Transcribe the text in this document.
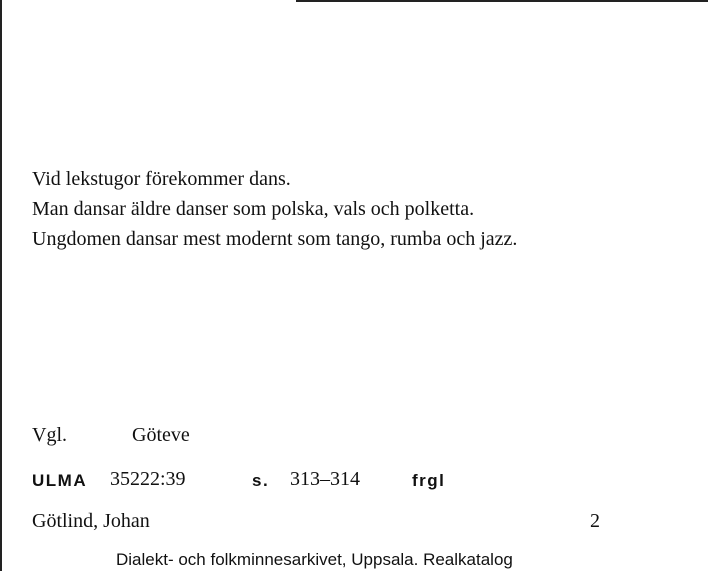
Vid lekstugor förekommer dans.
Man dansar äldre danser som polska, vals och polketta.
Ungdomen dansar mest modernt som tango, rumba och jazz.
Vgl.	Göteve
ULMA 35222:39	s. 313–314	frgl
Götlind, Johan	2
Dialekt- och folkminnesarkivet, Uppsala. Realkatalog
